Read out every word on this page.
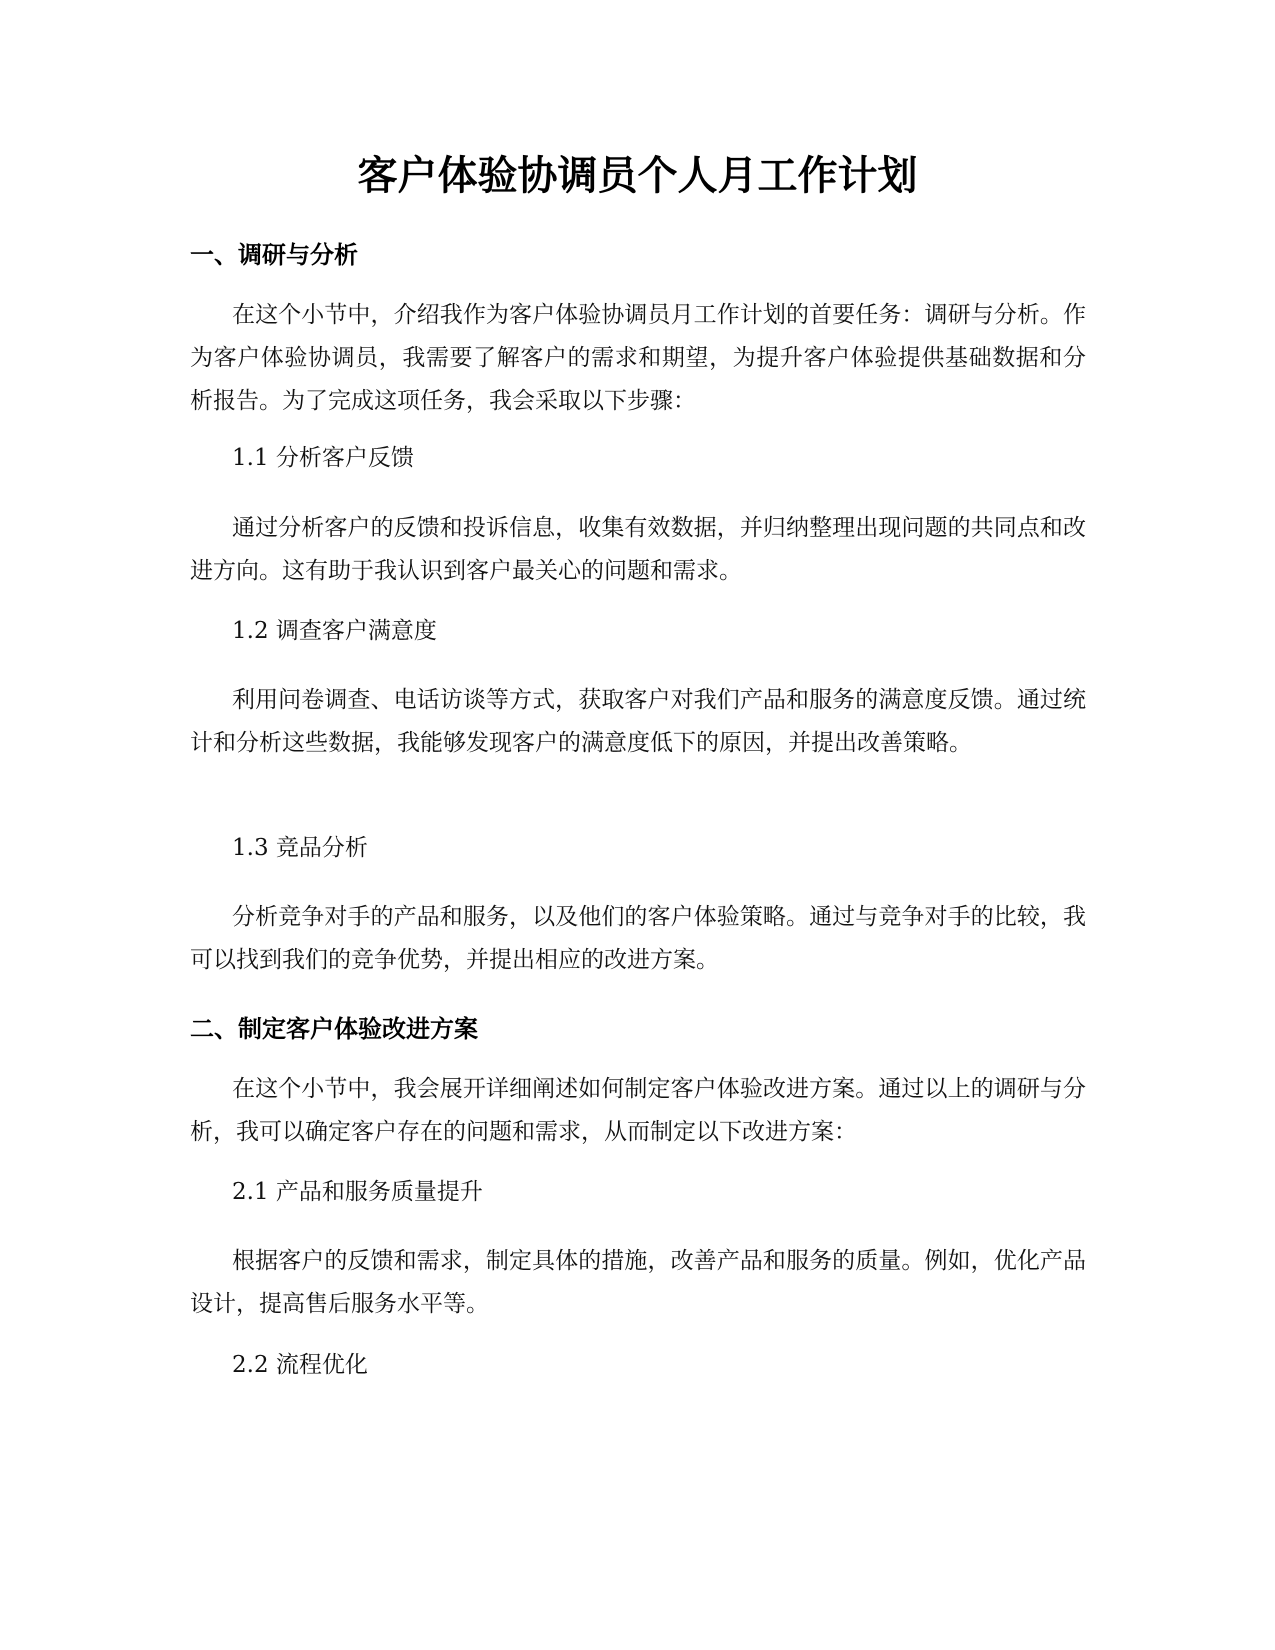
客户体验协调员个人月工作计划
一、调研与分析

在这个小节中，介绍我作为客户体验协调员月工作计划的首要任务：调研与分析。作为客户体验协调员，我需要了解客户的需求和期望，为提升客户体验提供基础数据和分析报告。为了完成这项任务，我会采取以下步骤：

1.1 分析客户反馈

通过分析客户的反馈和投诉信息，收集有效数据，并归纳整理出现问题的共同点和改进方向。这有助于我认识到客户最关心的问题和需求。

1.2 调查客户满意度

利用问卷调查、电话访谈等方式，获取客户对我们产品和服务的满意度反馈。通过统计和分析这些数据，我能够发现客户的满意度低下的原因，并提出改善策略。

1.3 竞品分析

分析竞争对手的产品和服务，以及他们的客户体验策略。通过与竞争对手的比较，我可以找到我们的竞争优势，并提出相应的改进方案。

二、制定客户体验改进方案

在这个小节中，我会展开详细阐述如何制定客户体验改进方案。通过以上的调研与分析，我可以确定客户存在的问题和需求，从而制定以下改进方案：

2.1 产品和服务质量提升

根据客户的反馈和需求，制定具体的措施，改善产品和服务的质量。例如，优化产品设计，提高售后服务水平等。

2.2 流程优化
